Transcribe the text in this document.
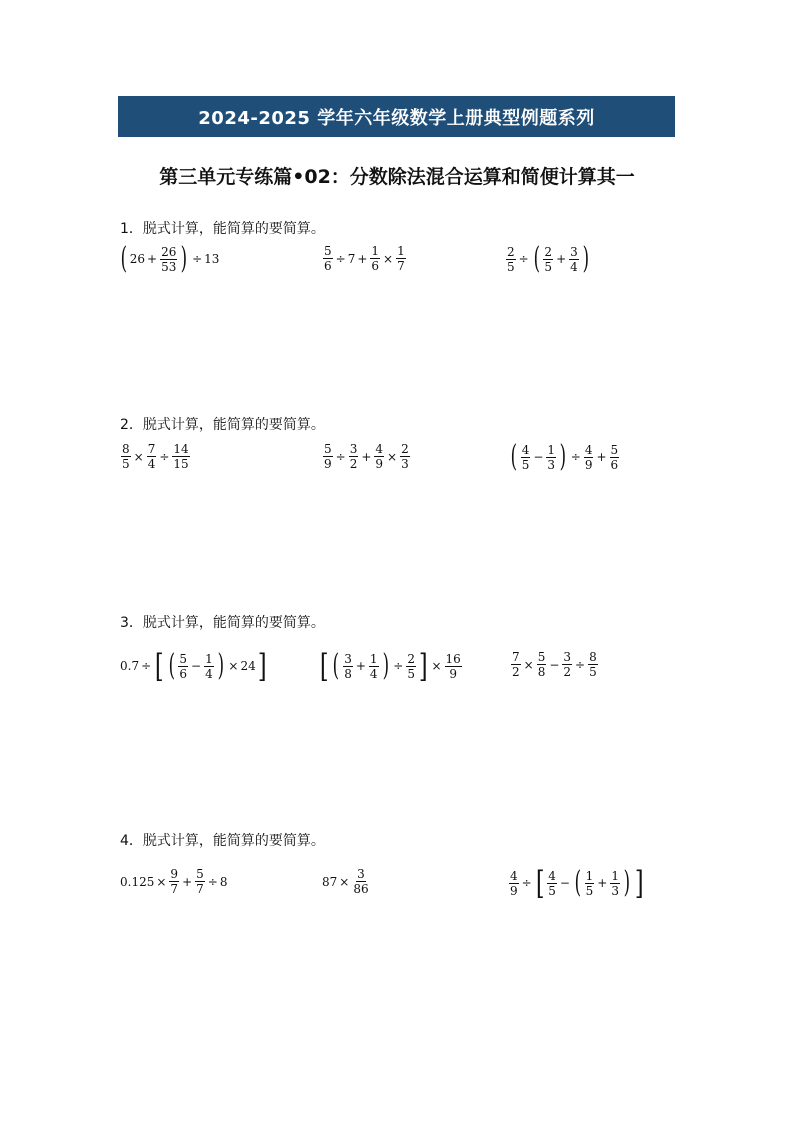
2024-2025 学年六年级数学上册典型例题系列
第三单元专练篇•02：分数除法混合运算和简便计算其一
1．脱式计算，能简算的要简算。
( $26 + \frac{26}{53}$ ) ÷ 13	$\frac{5}{6} \div 7 + \frac{1}{6} \times \frac{1}{7}$	$\frac{2}{5}$ ÷ ( $\frac{2}{5} + \frac{3}{4}$ )
2．脱式计算，能简算的要简算。
$\frac{8}{5} \times \frac{7}{4} \div \frac{14}{15}$	$\frac{5}{9} \div \frac{3}{2} + \frac{4}{9} \times \frac{2}{3}$	( $\frac{4}{5} - \frac{1}{3}$ ) ÷ $\frac{4}{9} + \frac{5}{6}$
3．脱式计算，能简算的要简算。
0.7 ÷ [ ( $\frac{5}{6} - \frac{1}{4}$ ) × 24 ] [ ( $\frac{3}{8} + \frac{1}{4}$ ) ÷ $\frac{2}{5}$ ] × $\frac{16}{9}$	$\frac{7}{2} \times \frac{5}{8} - \frac{3}{2} \div \frac{8}{5}$
4．脱式计算，能简算的要简算。
$0.125 \times \frac{9}{7} + \frac{5}{7} \div 8$	$87 \times \frac{3}{86}$	$\frac{4}{9}$ ÷ [ $\frac{4}{5}$ − ( $\frac{1}{5} + \frac{1}{3}$ ) ]
